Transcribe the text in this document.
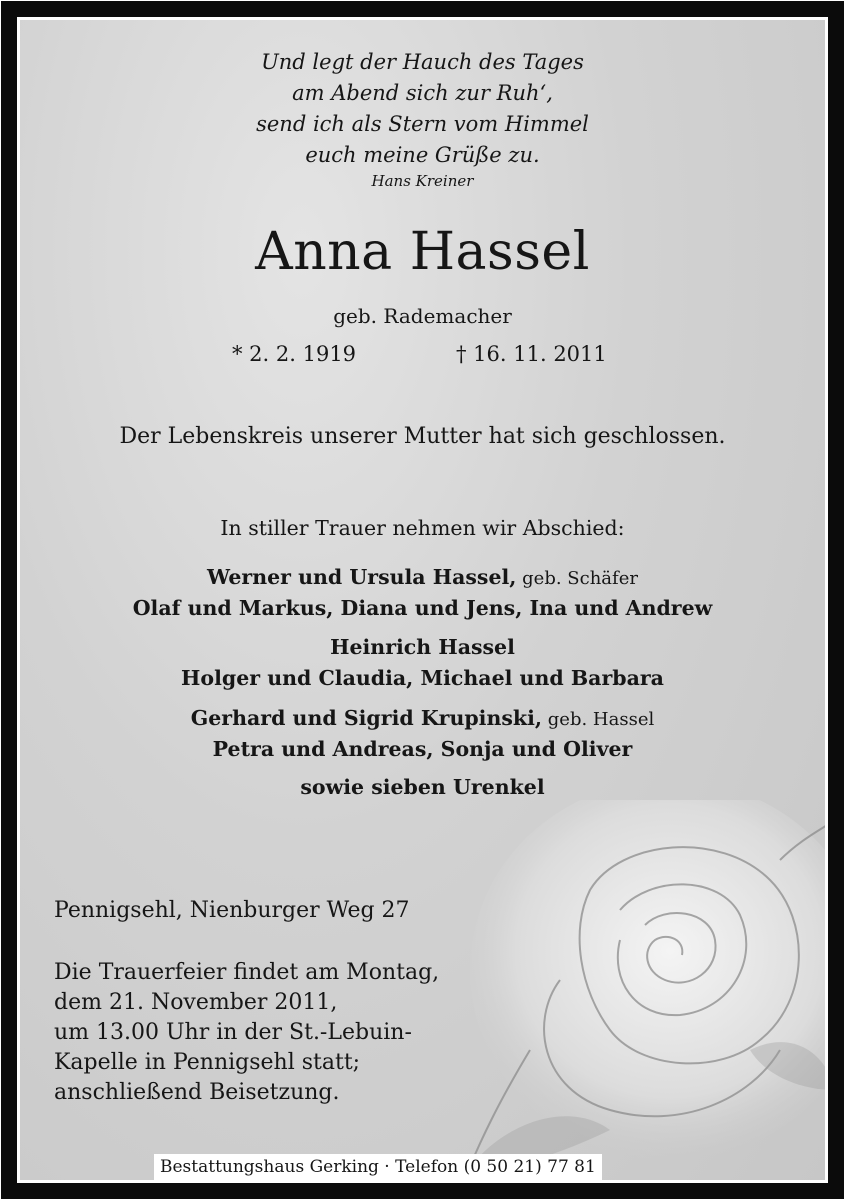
Und legt der Hauch des Tages
am Abend sich zur Ruh‘,
send ich als Stern vom Himmel
euch meine Grüße zu.
Hans Kreiner
Anna Hassel
geb. Rademacher
* 2. 2. 1919	† 16. 11. 2011
Der Lebenskreis unserer Mutter hat sich geschlossen.
In stiller Trauer nehmen wir Abschied:
Werner und Ursula Hassel, geb. Schäfer
Olaf und Markus, Diana und Jens, Ina und Andrew
Heinrich Hassel
Holger und Claudia, Michael und Barbara
Gerhard und Sigrid Krupinski, geb. Hassel
Petra und Andreas, Sonja und Oliver
sowie sieben Urenkel
Pennigsehl, Nienburger Weg 27
Die Trauerfeier findet am Montag,
dem 21. November 2011,
um 13.00 Uhr in der St.-Lebuin-
Kapelle in Pennigsehl statt;
anschließend Beisetzung.
Bestattungshaus Gerking · Telefon (0 50 21) 77 81
